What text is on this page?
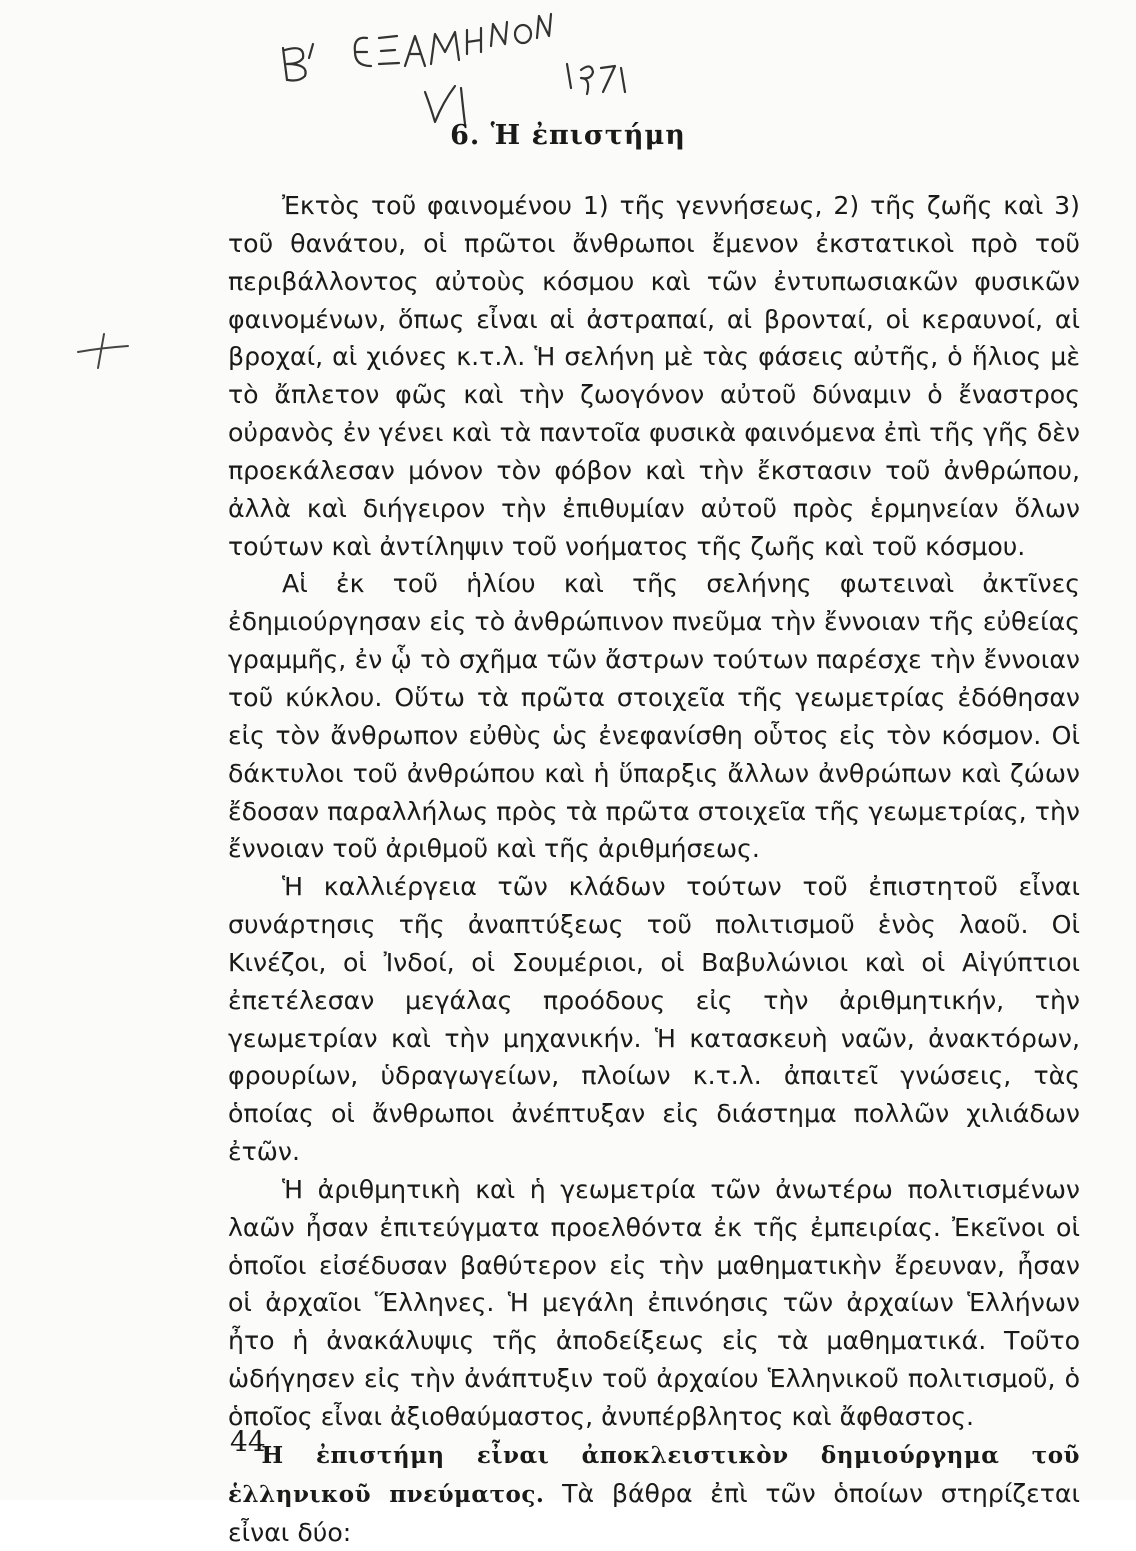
6. Ἡ ἐπιστήμη

Ἐκτὸς τοῦ φαινομένου 1) τῆς γεννήσεως, 2) τῆς ζωῆς καὶ 3) τοῦ θανάτου, οἱ πρῶτοι ἄνθρωποι ἔμενον ἐκστατικοὶ πρὸ τοῦ περιβάλλοντος αὐτοὺς κόσμου καὶ τῶν ἐντυπωσιακῶν φυσικῶν φαινομένων, ὅπως εἶναι αἱ ἀστραπαί, αἱ βρονταί, οἱ κεραυνοί, αἱ βροχαί, αἱ χιόνες κ.τ.λ. Ἡ σελήνη μὲ τὰς φάσεις αὐτῆς, ὁ ἥλιος μὲ τὸ ἄπλετον φῶς καὶ τὴν ζωογόνον αὐτοῦ δύναμιν ὁ ἔναστρος οὐρανὸς ἐν γένει καὶ τὰ παντοῖα φυσικὰ φαινόμενα ἐπὶ τῆς γῆς δὲν προεκάλεσαν μόνον τὸν φόβον καὶ τὴν ἔκστασιν τοῦ ἀνθρώπου, ἀλλὰ καὶ διήγειρον τὴν ἐπιθυμίαν αὐτοῦ πρὸς ἑρμηνείαν ὅλων τούτων καὶ ἀντίληψιν τοῦ νοήματος τῆς ζωῆς καὶ τοῦ κόσμου.

Αἱ ἐκ τοῦ ἡλίου καὶ τῆς σελήνης φωτειναὶ ἀκτῖνες ἐδημιούργησαν εἰς τὸ ἀνθρώπινον πνεῦμα τὴν ἔννοιαν τῆς εὐθείας γραμμῆς, ἐν ᾧ τὸ σχῆμα τῶν ἄστρων τούτων παρέσχε τὴν ἔννοιαν τοῦ κύκλου. Οὕτω τὰ πρῶτα στοιχεῖα τῆς γεωμετρίας ἐδόθησαν εἰς τὸν ἄνθρωπον εὐθὺς ὡς ἐνεφανίσθη οὗτος εἰς τὸν κόσμον. Οἱ δάκτυλοι τοῦ ἀνθρώπου καὶ ἡ ὕπαρξις ἄλλων ἀνθρώπων καὶ ζώων ἔδοσαν παραλλήλως πρὸς τὰ πρῶτα στοιχεῖα τῆς γεωμετρίας, τὴν ἔννοιαν τοῦ ἀριθμοῦ καὶ τῆς ἀριθμήσεως.

Ἡ καλλιέργεια τῶν κλάδων τούτων τοῦ ἐπιστητοῦ εἶναι συνάρτησις τῆς ἀναπτύξεως τοῦ πολιτισμοῦ ἑνὸς λαοῦ. Οἱ Κινέζοι, οἱ Ἰνδοί, οἱ Σουμέριοι, οἱ Βαβυλώνιοι καὶ οἱ Αἰγύπτιοι ἐπετέλεσαν μεγάλας προόδους εἰς τὴν ἀριθμητικήν, τὴν γεωμετρίαν καὶ τὴν μηχανικήν. Ἡ κατασκευὴ ναῶν, ἀνακτόρων, φρουρίων, ὑδραγωγείων, πλοίων κ.τ.λ. ἀπαιτεῖ γνώσεις, τὰς ὁποίας οἱ ἄνθρωποι ἀνέπτυξαν εἰς διάστημα πολλῶν χιλιάδων ἐτῶν.

Ἡ ἀριθμητικὴ καὶ ἡ γεωμετρία τῶν ἀνωτέρω πολιτισμένων λαῶν ἦσαν ἐπιτεύγματα προελθόντα ἐκ τῆς ἐμπειρίας. Ἐκεῖνοι οἱ ὁποῖοι εἰσέδυσαν βαθύτερον εἰς τὴν μαθηματικὴν ἔρευναν, ἦσαν οἱ ἀρχαῖοι Ἕλληνες. Ἡ μεγάλη ἐπινόησις τῶν ἀρχαίων Ἑλλήνων ἦτο ἡ ἀνακάλυψις τῆς ἀποδείξεως εἰς τὰ μαθηματικά. Τοῦτο ὡδήγησεν εἰς τὴν ἀνάπτυξιν τοῦ ἀρχαίου Ἑλληνικοῦ πολιτισμοῦ, ὁ ὁποῖος εἶναι ἀξιοθαύμαστος, ἀνυπέρβλητος καὶ ἄφθαστος.

Ἡ ἐπιστήμη εἶναι ἀποκλειστικὸν δημιούργημα τοῦ ἑλληνικοῦ πνεύματος. Τὰ βάθρα ἐπὶ τῶν ὁποίων στηρίζεται εἶναι δύο:

44
